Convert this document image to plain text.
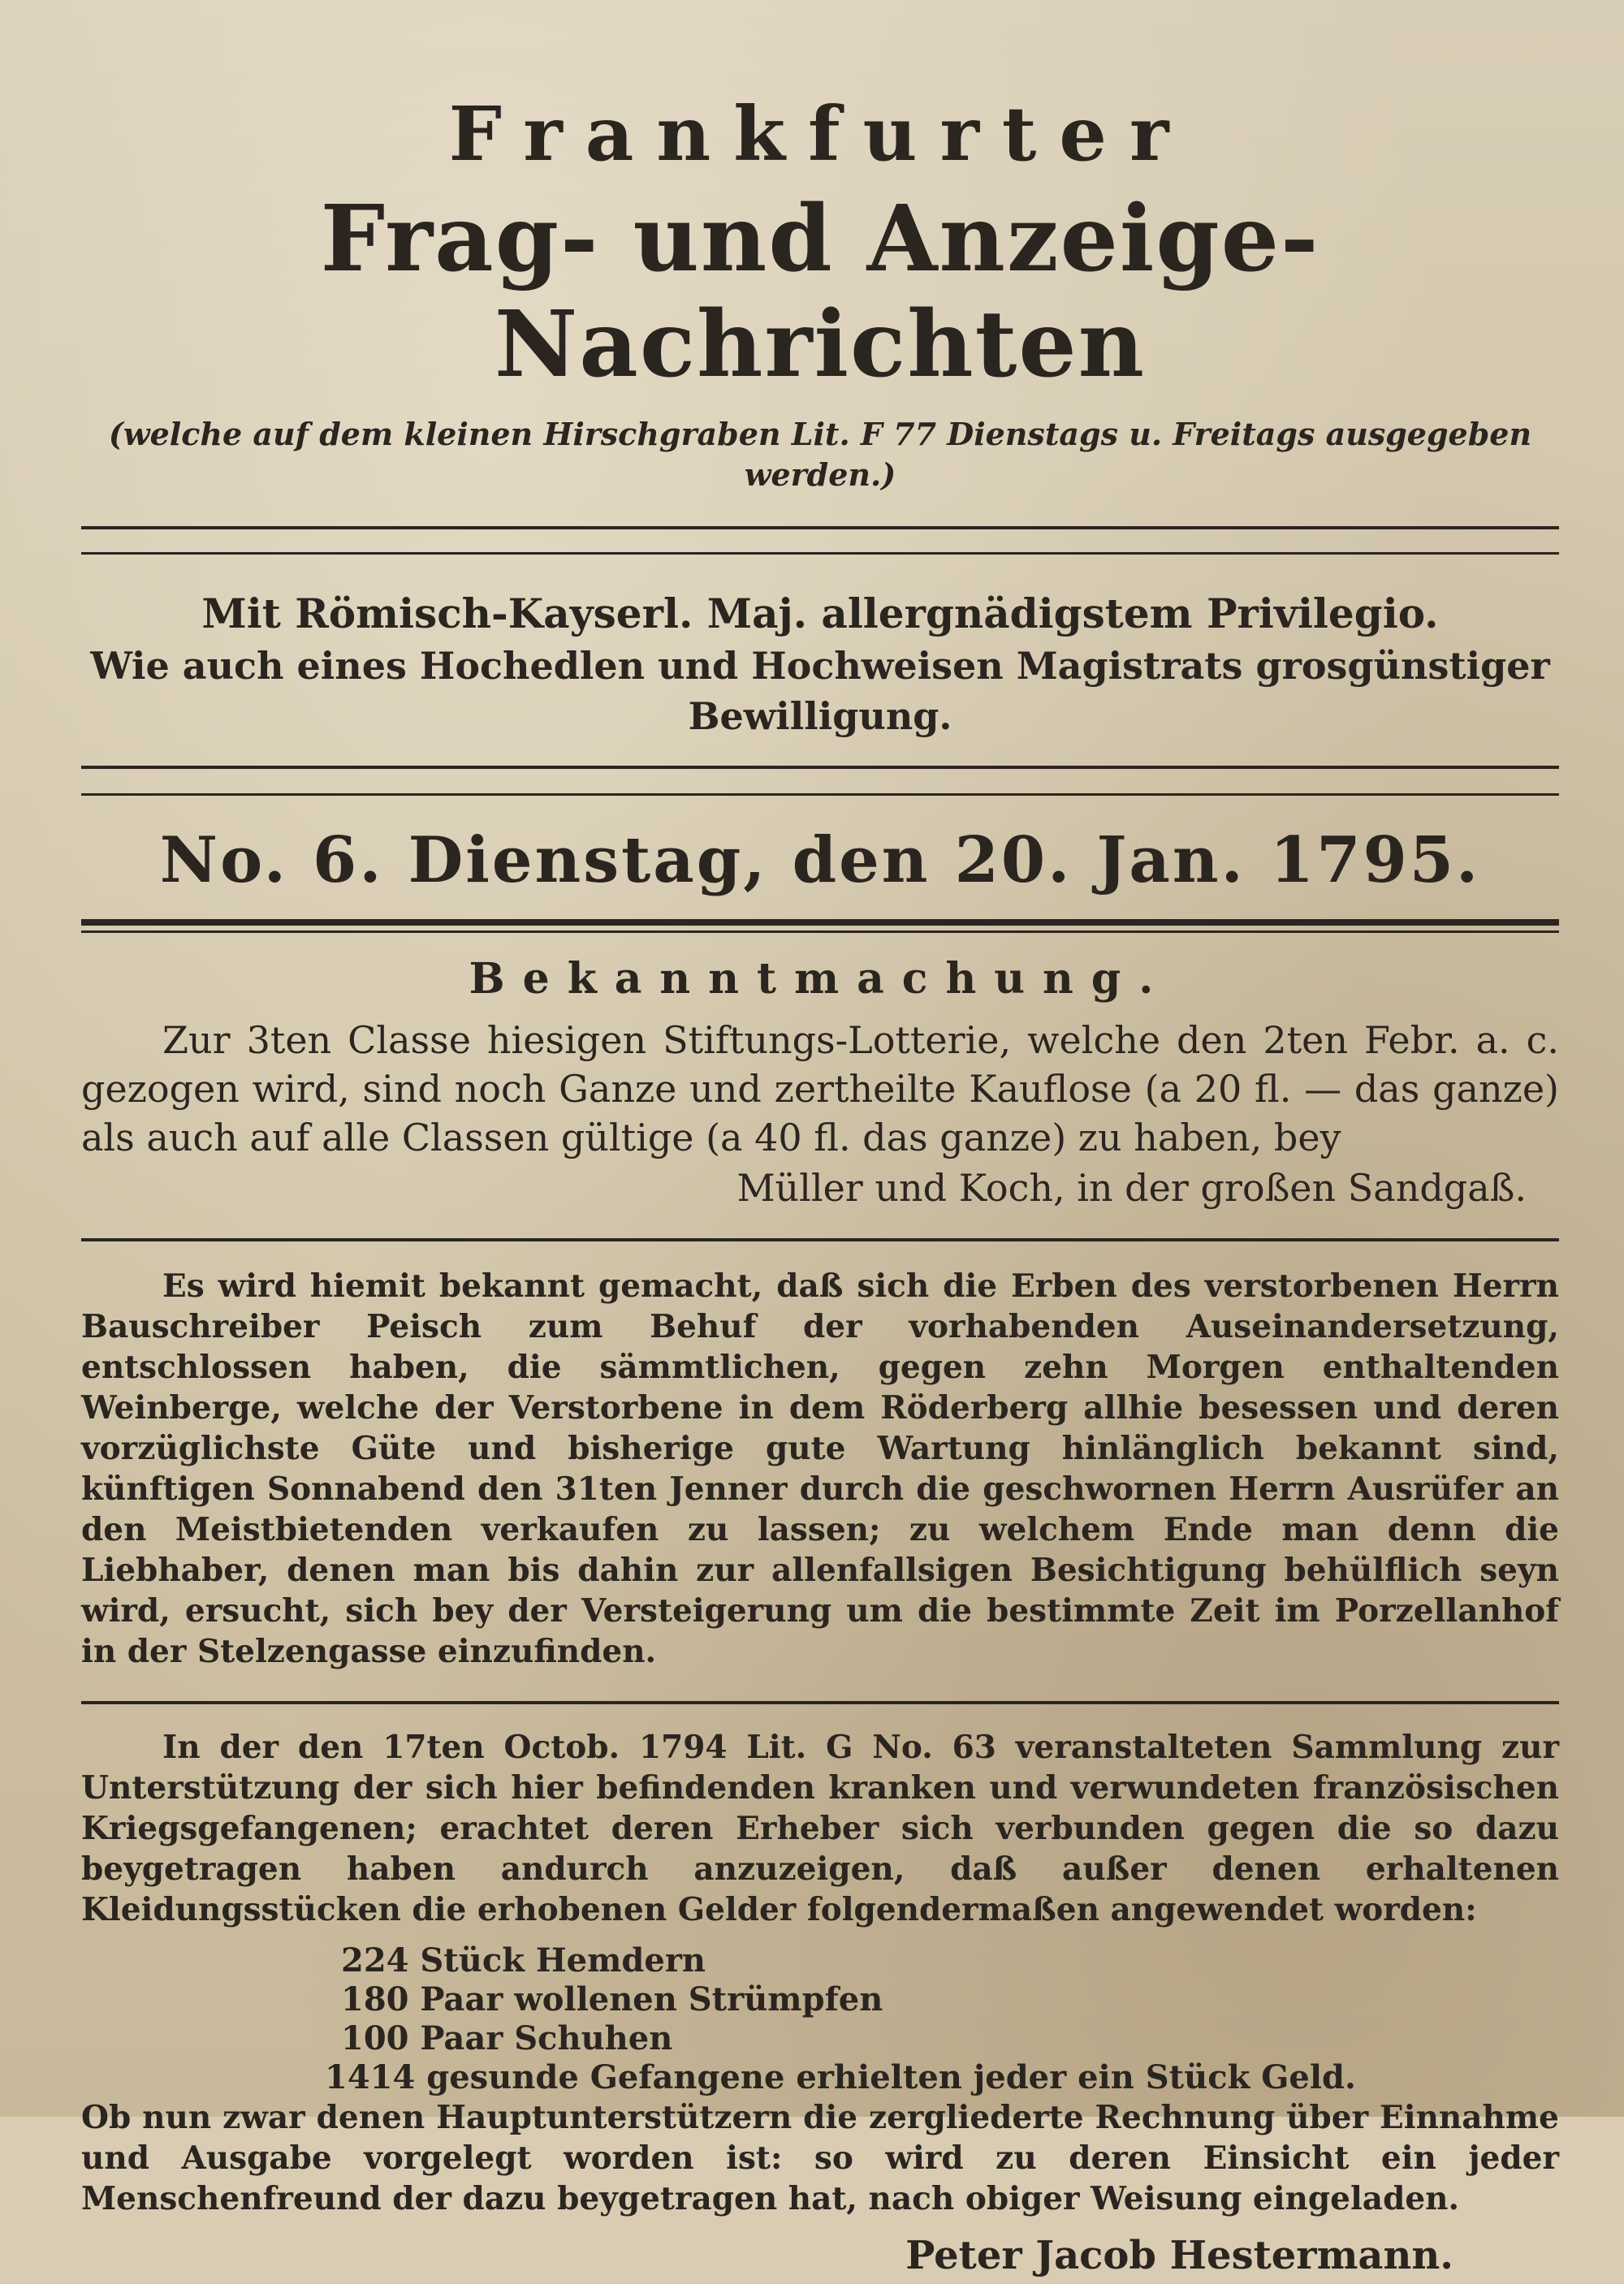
Frankfurter
Frag- und Anzeige-Nachrichten
(welche auf dem kleinen Hirschgraben Lit. F 77 Dienstags u. Freitags ausgegeben werden.)
Mit Römisch-Kayserl. Maj. allergnädigstem Privilegio.
Wie auch eines Hochedlen und Hochweisen Magistrats grosgünstiger Bewilligung.
No. 6. Dienstag, den 20. Jan. 1795.
Bekanntmachung.

Zur 3ten Classe hiesigen Stiftungs-Lotterie, welche den 2ten Febr. a. c. gezogen wird, sind noch Ganze und zertheilte Kauflose (a 20 fl. — das ganze) als auch auf alle Classen gültige (a 40 fl. das ganze) zu haben, bey

Müller und Koch, in der großen Sandgaß.

Es wird hiemit bekannt gemacht, daß sich die Erben des verstorbenen Herrn Bauschreiber Peisch zum Behuf der vorhabenden Auseinandersetzung, entschlossen haben, die sämmtlichen, gegen zehn Morgen enthaltenden Weinberge, welche der Verstorbene in dem Röderberg allhie besessen und deren vorzüglichste Güte und bisherige gute Wartung hinlänglich bekannt sind, künftigen Sonnabend den 31ten Jenner durch die geschwornen Herrn Ausrüfer an den Meistbietenden verkaufen zu lassen; zu welchem Ende man denn die Liebhaber, denen man bis dahin zur allenfallsigen Besichtigung behülflich seyn wird, ersucht, sich bey der Versteigerung um die bestimmte Zeit im Porzellanhof in der Stelzengasse einzufinden.

In der den 17ten Octob. 1794 Lit. G No. 63 veranstalteten Sammlung zur Unterstützung der sich hier befindenden kranken und verwundeten französischen Kriegsgefangenen; erachtet deren Erheber sich verbunden gegen die so dazu beygetragen haben andurch anzuzeigen, daß außer denen erhaltenen Kleidungsstücken die erhobenen Gelder folgendermaßen angewendet worden:

224 Stück Hemdern
180 Paar wollenen Strümpfen
100 Paar Schuhen
1414 gesunde Gefangene erhielten jeder ein Stück Geld.

Ob nun zwar denen Hauptunterstützern die zergliederte Rechnung über Einnahme und Ausgabe vorgelegt worden ist: so wird zu deren Einsicht ein jeder Menschenfreund der dazu beygetragen hat, nach obiger Weisung eingeladen.

Peter Jacob Hestermann.
